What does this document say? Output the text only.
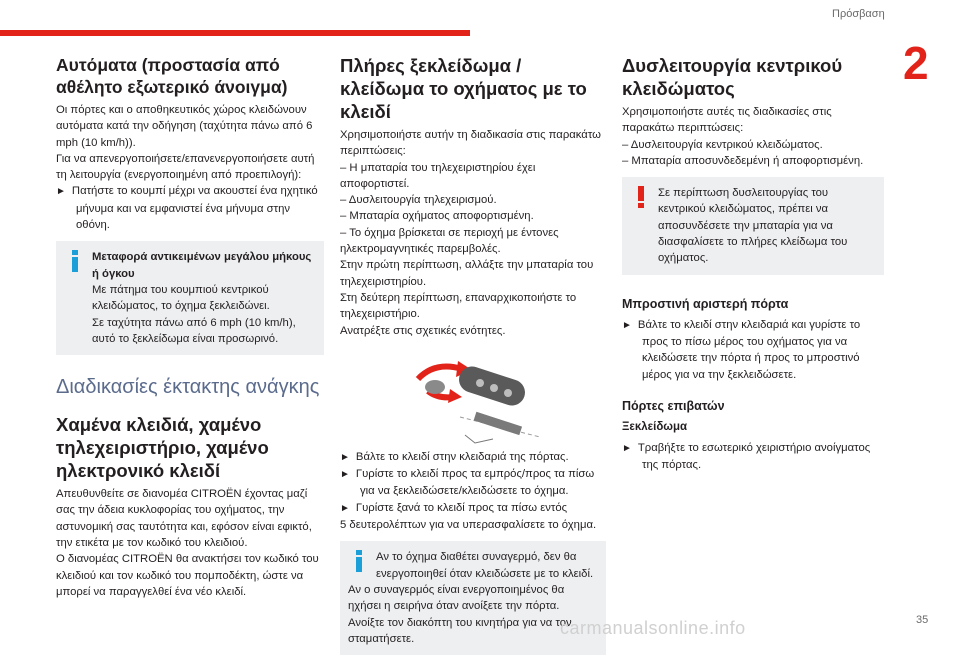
Πρόσβαση
2
Αυτόματα (προστασία από αθέλητο εξωτερικό άνοιγμα)

Οι πόρτες και ο αποθηκευτικός χώρος κλειδώνουν αυτόματα κατά την οδήγηση (ταχύτητα πάνω από 6 mph (10 km/h)).

Για να απενεργοποιήσετε/επανενεργοποιήσετε αυτή τη λειτουργία (ενεργοποιημένη από προεπιλογή):

► Πατήστε το κουμπί μέχρι να ακουστεί ένα ηχητικό μήνυμα και να εμφανιστεί ένα μήνυμα στην οθόνη.

Μεταφορά αντικειμένων μεγάλου μήκους ή όγκου

Με πάτημα του κουμπιού κεντρικού κλειδώματος, το όχημα ξεκλειδώνει.

Σε ταχύτητα πάνω από 6 mph (10 km/h), αυτό το ξεκλείδωμα είναι προσωρινό.

Διαδικασίες έκτακτης ανάγκης
Χαμένα κλειδιά, χαμένο τηλεχειριστήριο, χαμένο ηλεκτρονικό κλειδί

Απευθυνθείτε σε διανομέα CITROËN έχοντας μαζί σας την άδεια κυκλοφορίας του οχήματος, την αστυνομική σας ταυτότητα και, εφόσον είναι εφικτό, την ετικέτα με τον κωδικό του κλειδιού.

Ο διανομέας CITROËN θα ανακτήσει τον κωδικό του κλειδιού και τον κωδικό του πομποδέκτη, ώστε να μπορεί να παραγγελθεί ένα νέο κλειδί.

Πλήρες ξεκλείδωμα / κλείδωμα το οχήματος με το κλειδί

Χρησιμοποιήστε αυτήν τη διαδικασία στις παρακάτω περιπτώσεις:

– Η μπαταρία του τηλεχειριστηρίου έχει αποφορτιστεί.

– Δυσλειτουργία τηλεχειρισμού.

– Μπαταρία οχήματος αποφορτισμένη.

– Το όχημα βρίσκεται σε περιοχή με έντονες ηλεκτρομαγνητικές παρεμβολές.

Στην πρώτη περίπτωση, αλλάξτε την μπαταρία του τηλεχειριστηρίου.

Στη δεύτερη περίπτωση, επαναρχικοποιήστε το τηλεχειριστήριο.

Ανατρέξτε στις σχετικές ενότητες.

► Βάλτε το κλειδί στην κλειδαριά της πόρτας.

► Γυρίστε το κλειδί προς τα εμπρός/προς τα πίσω για να ξεκλειδώσετε/κλειδώσετε το όχημα.

► Γυρίστε ξανά το κλειδί προς τα πίσω εντός

5 δευτερολέπτων για να υπερασφαλίσετε το όχημα.

Αν το όχημα διαθέτει συναγερμό, δεν θα ενεργοποιηθεί όταν κλειδώσετε με το κλειδί.

Αν ο συναγερμός είναι ενεργοποιημένος θα ηχήσει η σειρήνα όταν ανοίξετε την πόρτα. Ανοίξτε τον διακόπτη του κινητήρα για να τον σταματήσετε.

Δυσλειτουργία κεντρικού κλειδώματος

Χρησιμοποιήστε αυτές τις διαδικασίες στις παρακάτω περιπτώσεις:

– Δυσλειτουργία κεντρικού κλειδώματος.

– Μπαταρία αποσυνδεδεμένη ή αποφορτισμένη.

Σε περίπτωση δυσλειτουργίας του κεντρικού κλειδώματος, πρέπει να αποσυνδέσετε την μπαταρία για να διασφαλίσετε το πλήρες κλείδωμα του οχήματος.

Μπροστινή αριστερή πόρτα

► Βάλτε το κλειδί στην κλειδαριά και γυρίστε το προς το πίσω μέρος του οχήματος για να κλειδώσετε την πόρτα ή προς το μπροστινό μέρος για να την ξεκλειδώσετε.

Πόρτες επιβατών
Ξεκλείδωμα

► Τραβήξτε το εσωτερικό χειριστήριο ανοίγματος της πόρτας.

35
carmanualsonline.info
